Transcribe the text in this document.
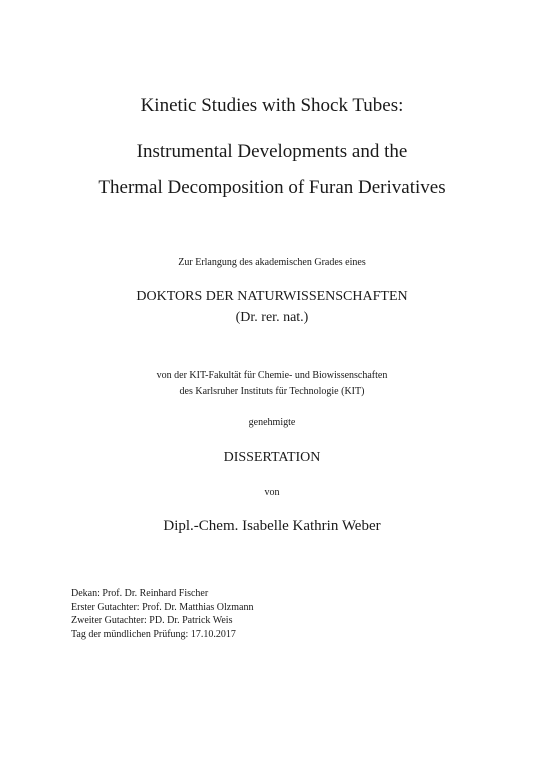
Kinetic Studies with Shock Tubes:
Instrumental Developments and the
Thermal Decomposition of Furan Derivatives
Zur Erlangung des akademischen Grades eines
DOKTORS DER NATURWISSENSCHAFTEN
(Dr. rer. nat.)
von der KIT-Fakultät für Chemie- und Biowissenschaften
des Karlsruher Instituts für Technologie (KIT)
genehmigte
DISSERTATION
von
Dipl.-Chem. Isabelle Kathrin Weber
Dekan: Prof. Dr. Reinhard Fischer
Erster Gutachter: Prof. Dr. Matthias Olzmann
Zweiter Gutachter: PD. Dr. Patrick Weis
Tag der mündlichen Prüfung: 17.10.2017
